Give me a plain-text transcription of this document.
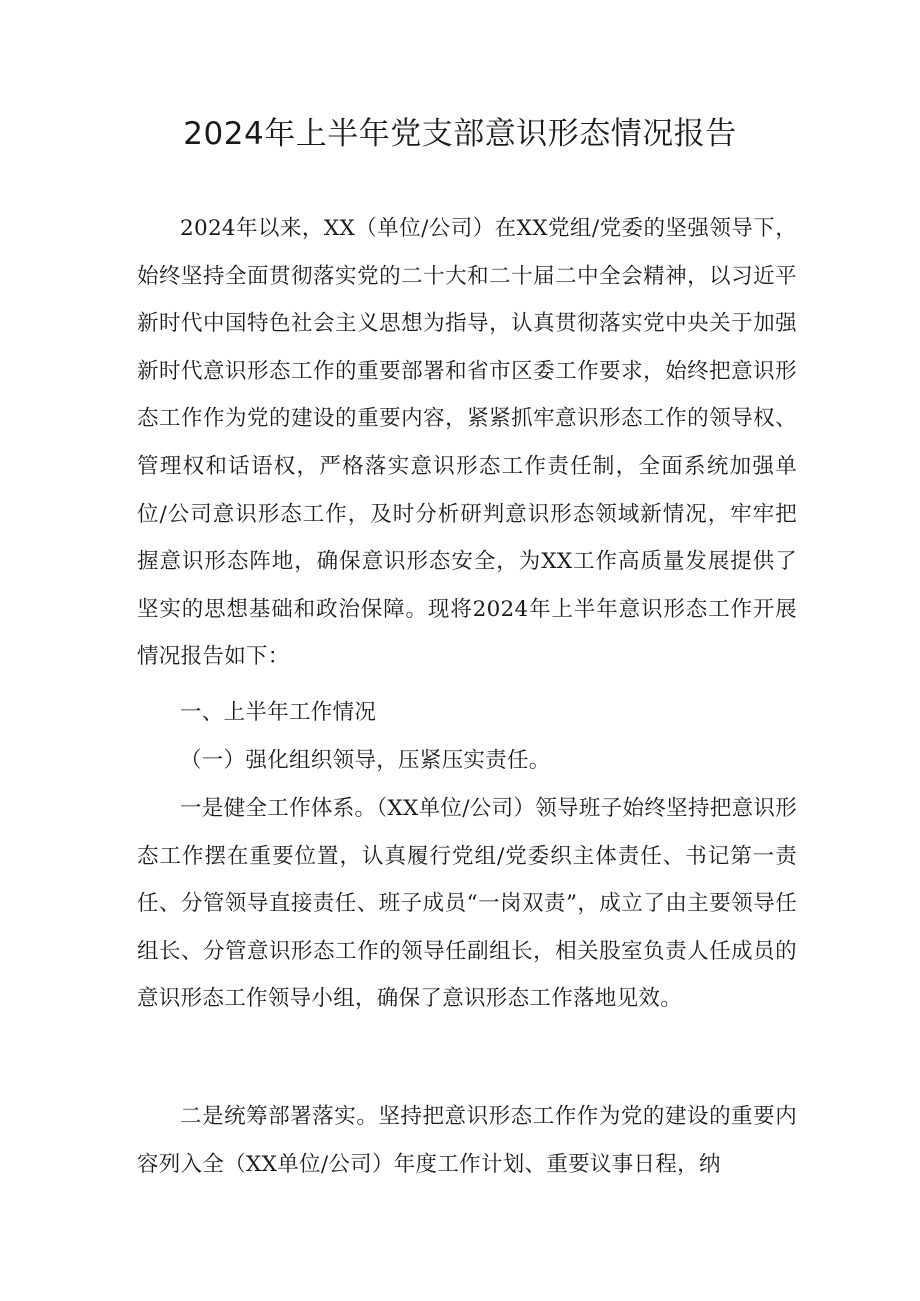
2024年上半年党支部意识形态情况报告

2024年以来，XX（单位/公司）在XX党组/党委的坚强领导下，始终坚持全面贯彻落实党的二十大和二十届二中全会精神，以习近平新时代中国特色社会主义思想为指导，认真贯彻落实党中央关于加强新时代意识形态工作的重要部署和省市区委工作要求，始终把意识形态工作作为党的建设的重要内容，紧紧抓牢意识形态工作的领导权、管理权和话语权，严格落实意识形态工作责任制，全面系统加强单位/公司意识形态工作，及时分析研判意识形态领域新情况，牢牢把握意识形态阵地，确保意识形态安全，为XX工作高质量发展提供了坚实的思想基础和政治保障。现将2024年上半年意识形态工作开展情况报告如下：

一、上半年工作情况

（一）强化组织领导，压紧压实责任。

一是健全工作体系。（XX单位/公司）领导班子始终坚持把意识形态工作摆在重要位置，认真履行党组/党委织主体责任、书记第一责任、分管领导直接责任、班子成员“一岗双责”，成立了由主要领导任组长、分管意识形态工作的领导任副组长，相关股室负责人任成员的意识形态工作领导小组，确保了意识形态工作落地见效。

二是统筹部署落实。坚持把意识形态工作作为党的建设的重要内容列入全（XX单位/公司）年度工作计划、重要议事日程，纳
